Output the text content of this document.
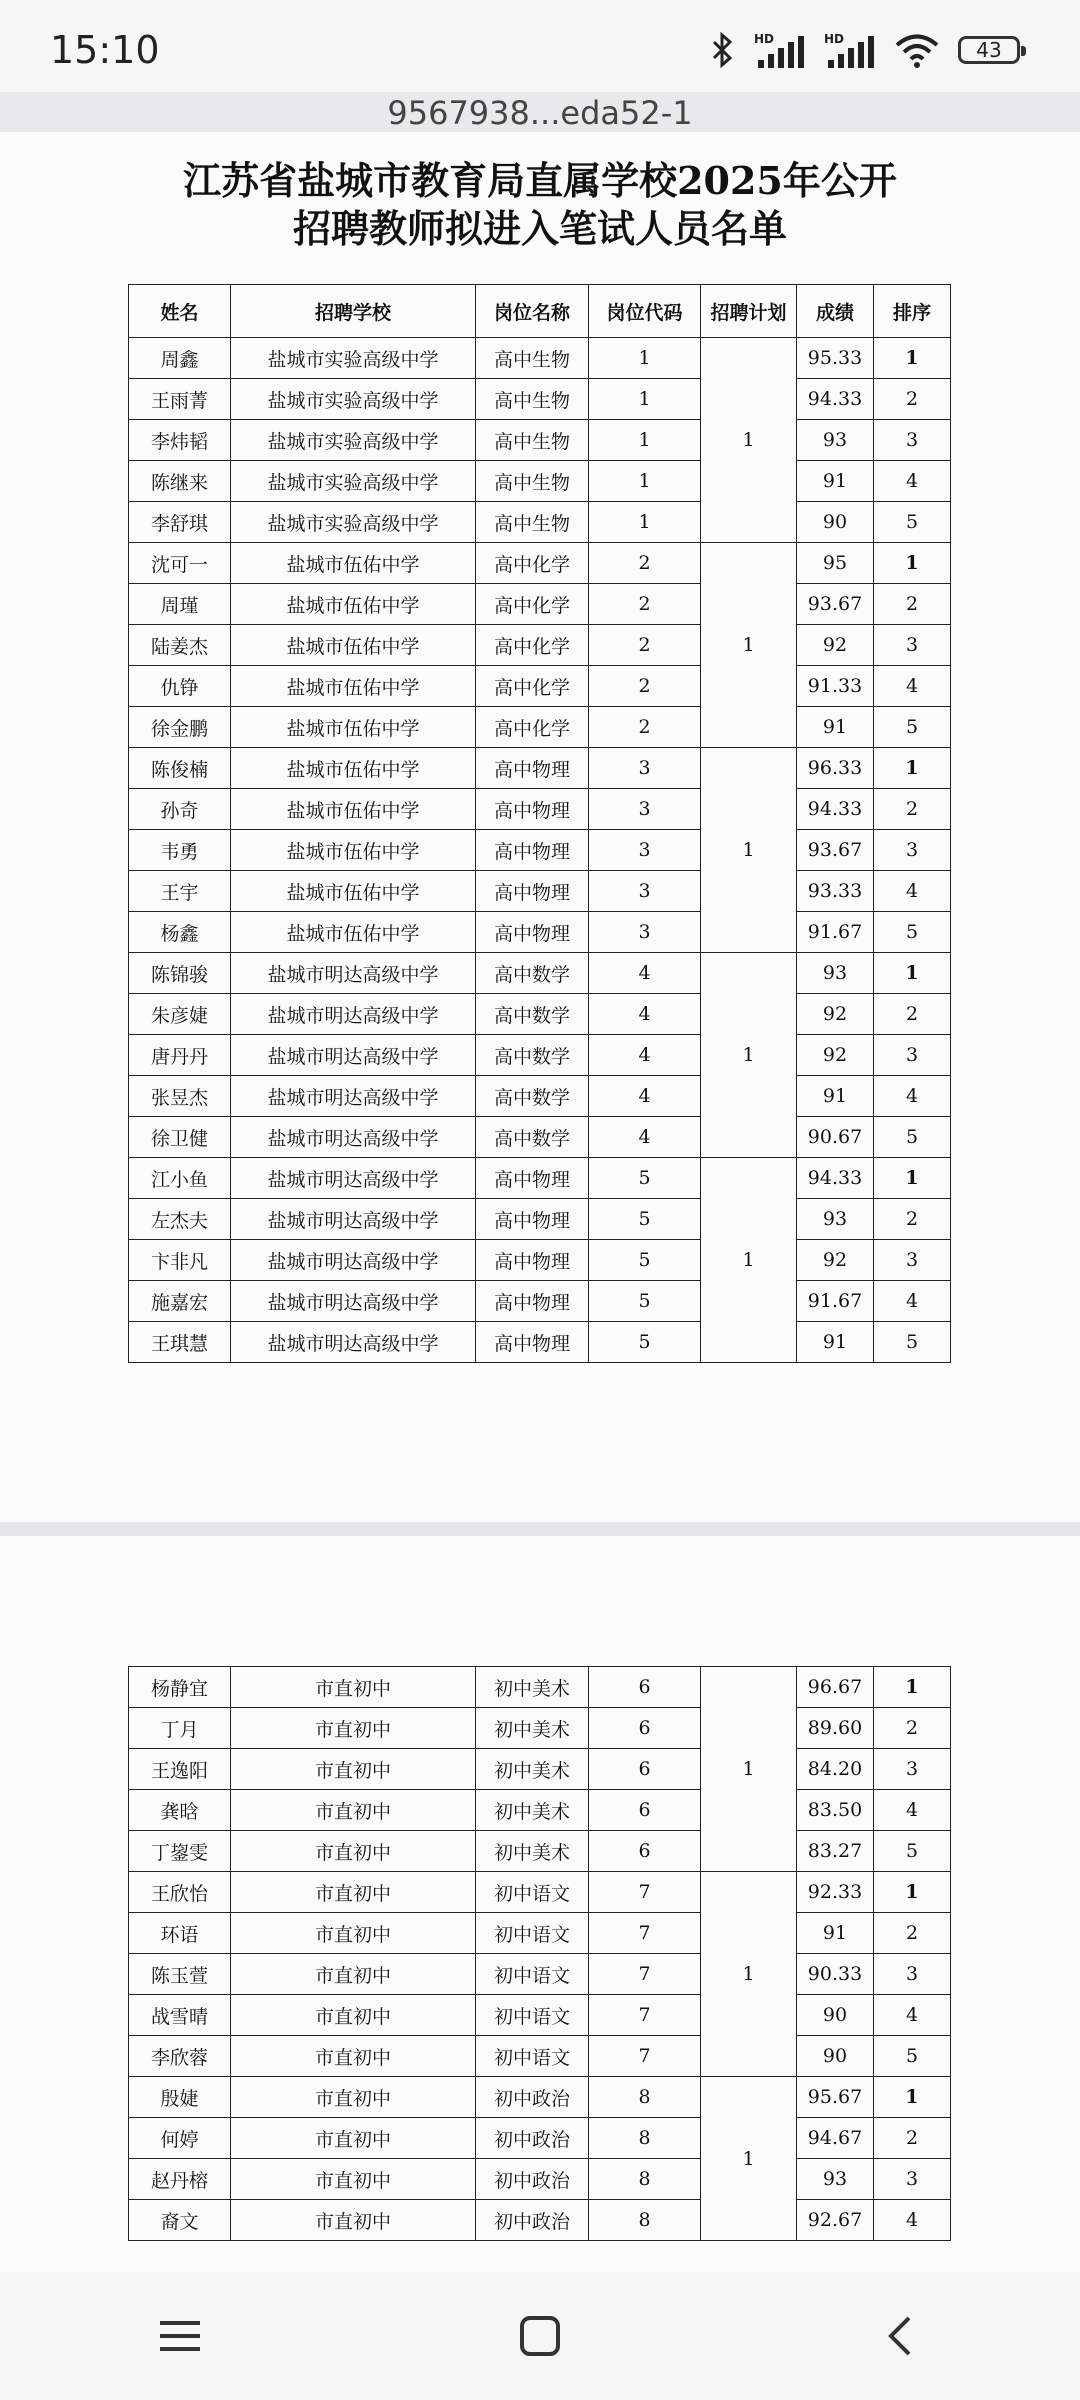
15:10	HD	HD	43
9567938...eda52-1
江苏省盐城市教育局直属学校2025年公开
招聘教师拟进入笔试人员名单
姓名	招聘学校	岗位名称	岗位代码	招聘计划	成绩	排序
周鑫	盐城市实验高级中学	高中生物	1	1	95.33	1
王雨菁	盐城市实验高级中学	高中生物	1		94.33	2
李炜韬	盐城市实验高级中学	高中生物	1		93	3
陈继来	盐城市实验高级中学	高中生物	1		91	4
李舒琪	盐城市实验高级中学	高中生物	1		90	5
沈可一	盐城市伍佑中学	高中化学	2	1	95	1
周瑾	盐城市伍佑中学	高中化学	2		93.67	2
陆姜杰	盐城市伍佑中学	高中化学	2		92	3
仇铮	盐城市伍佑中学	高中化学	2		91.33	4
徐金鹏	盐城市伍佑中学	高中化学	2		91	5
陈俊楠	盐城市伍佑中学	高中物理	3	1	96.33	1
孙奇	盐城市伍佑中学	高中物理	3		94.33	2
韦勇	盐城市伍佑中学	高中物理	3		93.67	3
王宇	盐城市伍佑中学	高中物理	3		93.33	4
杨鑫	盐城市伍佑中学	高中物理	3		91.67	5
陈锦骏	盐城市明达高级中学	高中数学	4	1	93	1
朱彦婕	盐城市明达高级中学	高中数学	4		92	2
唐丹丹	盐城市明达高级中学	高中数学	4		92	3
张昱杰	盐城市明达高级中学	高中数学	4		91	4
徐卫健	盐城市明达高级中学	高中数学	4		90.67	5
江小鱼	盐城市明达高级中学	高中物理	5	1	94.33	1
左杰夫	盐城市明达高级中学	高中物理	5		93	2
卞非凡	盐城市明达高级中学	高中物理	5		92	3
施嘉宏	盐城市明达高级中学	高中物理	5		91.67	4
王琪慧	盐城市明达高级中学	高中物理	5		91	5
杨静宜	市直初中	初中美术	6	1	96.67	1
丁月	市直初中	初中美术	6		89.60	2
王逸阳	市直初中	初中美术	6		84.20	3
龚晗	市直初中	初中美术	6		83.50	4
丁鋆雯	市直初中	初中美术	6		83.27	5
王欣怡	市直初中	初中语文	7	1	92.33	1
环语	市直初中	初中语文	7		91	2
陈玉萱	市直初中	初中语文	7		90.33	3
战雪晴	市直初中	初中语文	7		90	4
李欣蓉	市直初中	初中语文	7		90	5
殷婕	市直初中	初中政治	8	1	95.67	1
何婷	市直初中	初中政治	8		94.67	2
赵丹榕	市直初中	初中政治	8		93	3
裔文	市直初中	初中政治	8		92.67	4
